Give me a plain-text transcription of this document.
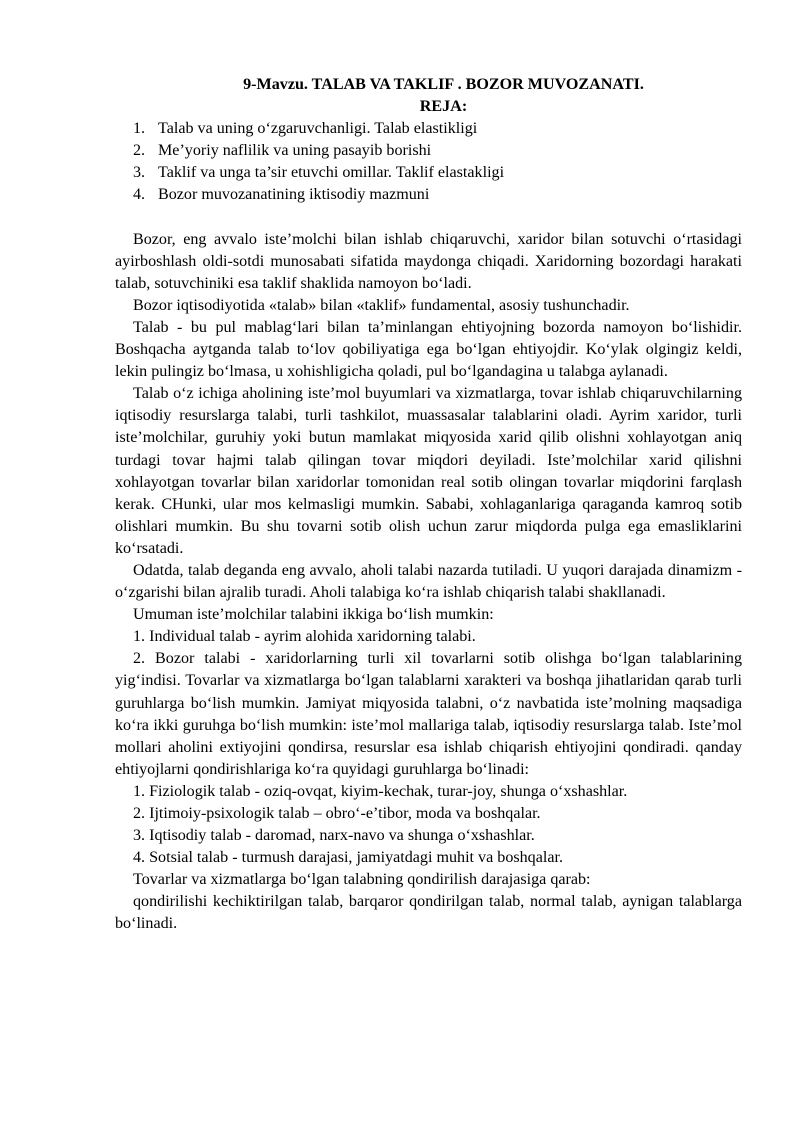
9-Mavzu. TALAB VA TAKLIF . BOZOR MUVOZANATI.

REJA:

1. Talab va uning o‘zgaruvchanligi. Talab elastikligi
2. Me’yoriy naflilik va uning pasayib borishi
3. Taklif va unga ta’sir etuvchi omillar. Taklif elastakligi
4. Bozor muvozanatining iktisodiy mazmuni

Bozor, eng avvalo iste’molchi bilan ishlab chiqaruvchi, xaridor bilan sotuvchi o‘rtasidagi ayirboshlash oldi-sotdi munosabati sifatida maydonga chiqadi. Xaridorning bozordagi harakati talab, sotuvchiniki esa taklif shaklida namoyon bo‘ladi.

Bozor iqtisodiyotida «talab» bilan «taklif» fundamental, asosiy tushunchadir.

Talab - bu pul mablag‘lari bilan ta’minlangan ehtiyojning bozorda namoyon bo‘lishidir. Boshqacha aytganda talab to‘lov qobiliyatiga ega bo‘lgan ehtiyojdir. Ko‘ylak olgingiz keldi, lekin pulingiz bo‘lmasa, u xohishligicha qoladi, pul bo‘lgandagina u talabga aylanadi.

Talab o‘z ichiga aholining iste’mol buyumlari va xizmatlarga, tovar ishlab chiqaruvchilarning iqtisodiy resurslarga talabi, turli tashkilot, muassasalar talablarini oladi. Ayrim xaridor, turli iste’molchilar, guruhiy yoki butun mamlakat miqyosida xarid qilib olishni xohlayotgan aniq turdagi tovar hajmi talab qilingan tovar miqdori deyiladi. Iste’molchilar xarid qilishni xohlayotgan tovarlar bilan xaridorlar tomonidan real sotib olingan tovarlar miqdorini farqlash kerak. CHunki, ular mos kelmasligi mumkin. Sababi, xohlaganlariga qaraganda kamroq sotib olishlari mumkin. Bu shu tovarni sotib olish uchun zarur miqdorda pulga ega emasliklarini ko‘rsatadi.

Odatda, talab deganda eng avvalo, aholi talabi nazarda tutiladi. U yuqori darajada dinamizm - o‘zgarishi bilan ajralib turadi. Aholi talabiga ko‘ra ishlab chiqarish talabi shakllanadi.

Umuman iste’molchilar talabini ikkiga bo‘lish mumkin:

1. Individual talab - ayrim alohida xaridorning talabi.

2. Bozor talabi - xaridorlarning turli xil tovarlarni sotib olishga bo‘lgan talablarining yig‘indisi. Tovarlar va xizmatlarga bo‘lgan talablarni xarakteri va boshqa jihatlaridan qarab turli guruhlarga bo‘lish mumkin. Jamiyat miqyosida talabni, o‘z navbatida iste’molning maqsadiga ko‘ra ikki guruhga bo‘lish mumkin: iste’mol mallariga talab, iqtisodiy resurslarga talab. Iste’mol mollari aholini extiyojini qondirsa, resurslar esa ishlab chiqarish ehtiyojini qondiradi. qanday ehtiyojlarni qondirishlariga ko‘ra quyidagi guruhlarga bo‘linadi:

1. Fiziologik talab - oziq-ovqat, kiyim-kechak, turar-joy, shunga o‘xshashlar.

2. Ijtimoiy-psixologik talab – obro‘-e’tibor, moda va boshqalar.

3. Iqtisodiy talab - daromad, narx-navo va shunga o‘xshashlar.

4. Sotsial talab - turmush darajasi, jamiyatdagi muhit va boshqalar.

Tovarlar va xizmatlarga bo‘lgan talabning qondirilish darajasiga qarab:

qondirilishi kechiktirilgan talab, barqaror qondirilgan talab, normal talab, aynigan talablarga bo‘linadi.
